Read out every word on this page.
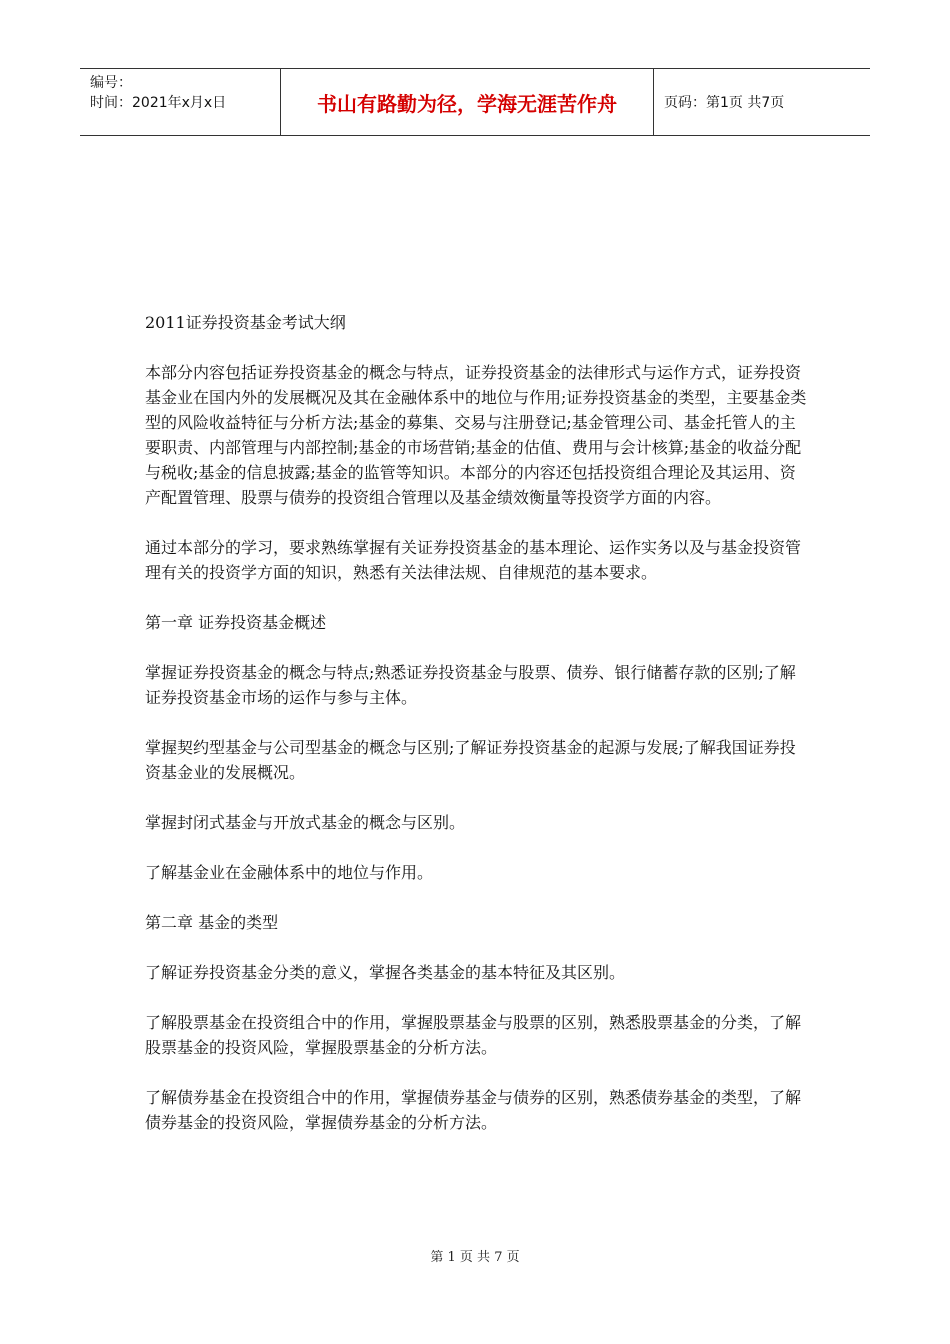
编号：
时间：2021年x月x日	书山有路勤为径，学海无涯苦作舟	页码：第1页 共7页

2011证券投资基金考试大纲

本部分内容包括证券投资基金的概念与特点，证券投资基金的法律形式与运作方式，证券投资基金业在国内外的发展概况及其在金融体系中的地位与作用;证券投资基金的类型，主要基金类型的风险收益特征与分析方法;基金的募集、交易与注册登记;基金管理公司、基金托管人的主要职责、内部管理与内部控制;基金的市场营销;基金的估值、费用与会计核算;基金的收益分配与税收;基金的信息披露;基金的监管等知识。本部分的内容还包括投资组合理论及其运用、资产配置管理、股票与债券的投资组合管理以及基金绩效衡量等投资学方面的内容。

通过本部分的学习，要求熟练掌握有关证券投资基金的基本理论、运作实务以及与基金投资管理有关的投资学方面的知识，熟悉有关法律法规、自律规范的基本要求。

第一章 证券投资基金概述

掌握证券投资基金的概念与特点;熟悉证券投资基金与股票、债券、银行储蓄存款的区别;了解证券投资基金市场的运作与参与主体。

掌握契约型基金与公司型基金的概念与区别;了解证券投资基金的起源与发展;了解我国证券投资基金业的发展概况。

掌握封闭式基金与开放式基金的概念与区别。

了解基金业在金融体系中的地位与作用。

第二章 基金的类型

了解证券投资基金分类的意义，掌握各类基金的基本特征及其区别。

了解股票基金在投资组合中的作用，掌握股票基金与股票的区别，熟悉股票基金的分类，了解股票基金的投资风险，掌握股票基金的分析方法。

了解债券基金在投资组合中的作用，掌握债券基金与债券的区别，熟悉债券基金的类型，了解债券基金的投资风险，掌握债券基金的分析方法。

第 1 页 共 7 页
